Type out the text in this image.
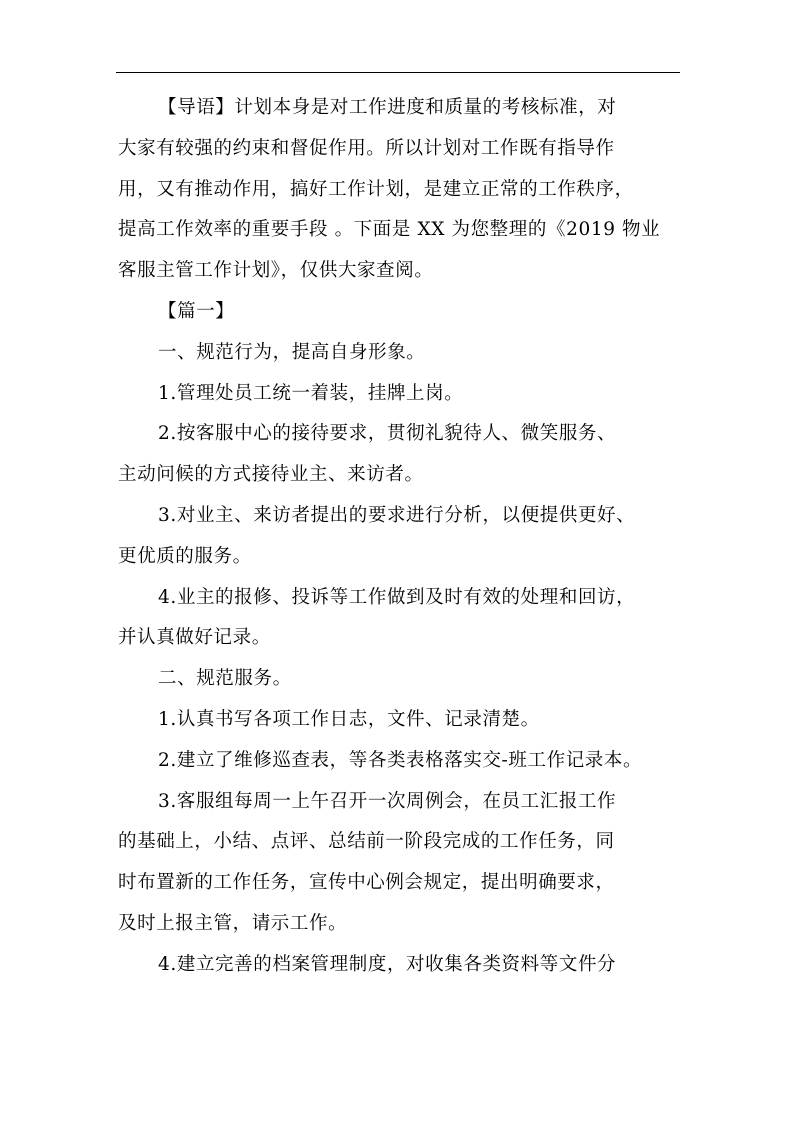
【导语】计划本身是对工作进度和质量的考核标准，对
大家有较强的约束和督促作用。所以计划对工作既有指导作
用，又有推动作用，搞好工作计划，是建立正常的工作秩序，
提高工作效率的重要手段 。下面是 XX 为您整理的《2019 物业
客服主管工作计划》，仅供大家查阅。
【篇一】
一、规范行为，提高自身形象。
1.管理处员工统一着装，挂牌上岗。
2.按客服中心的接待要求，贯彻礼貌待人、微笑服务、
主动问候的方式接待业主、来访者。
3.对业主、来访者提出的要求进行分析，以便提供更好、
更优质的服务。
4.业主的报修、投诉等工作做到及时有效的处理和回访，
并认真做好记录。
二、规范服务。
1.认真书写各项工作日志，文件、记录清楚。
2.建立了维修巡查表，等各类表格落实交-班工作记录本。
3.客服组每周一上午召开一次周例会，在员工汇报工作
的基础上，小结、点评、总结前一阶段完成的工作任务，同
时布置新的工作任务，宣传中心例会规定，提出明确要求，
及时上报主管，请示工作。
4.建立完善的档案管理制度，对收集各类资料等文件分
